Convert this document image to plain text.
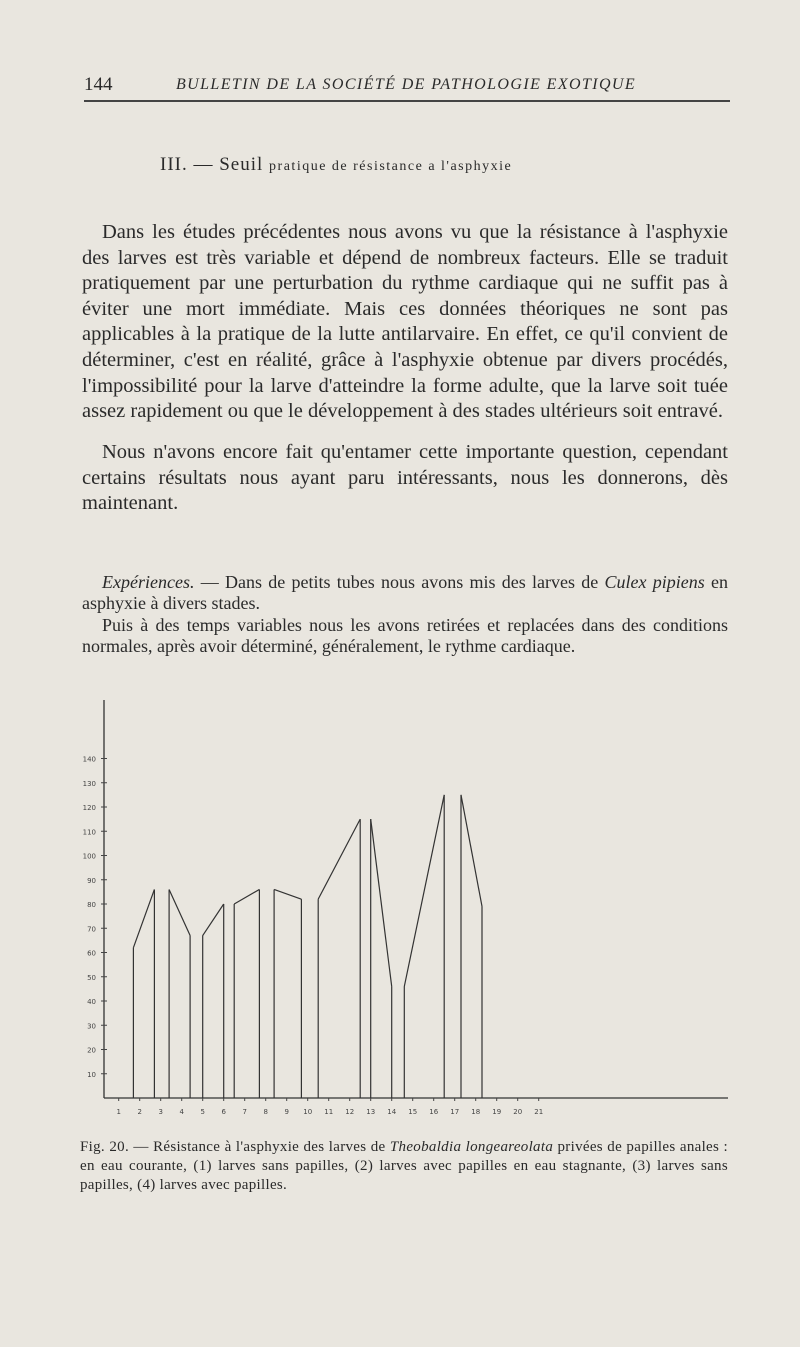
144	BULLETIN DE LA SOCIÉTÉ DE PATHOLOGIE EXOTIQUE
III. — Seuil pratique de résistance a l'asphyxie
Dans les études précédentes nous avons vu que la résistance à l'asphyxie des larves est très variable et dépend de nombreux facteurs. Elle se traduit pratiquement par une perturbation du rythme cardiaque qui ne suffit pas à éviter une mort immédiate. Mais ces données théoriques ne sont pas applicables à la pratique de la lutte antilarvaire. En effet, ce qu'il convient de déterminer, c'est en réalité, grâce à l'asphyxie obtenue par divers procédés, l'impossibilité pour la larve d'atteindre la forme adulte, que la larve soit tuée assez rapidement ou que le développement à des stades ultérieurs soit entravé.
Nous n'avons encore fait qu'entamer cette importante question, cependant certains résultats nous ayant paru intéressants, nous les donnerons, dès maintenant.
Expériences. — Dans de petits tubes nous avons mis des larves de Culex pipiens en asphyxie à divers stades.
Puis à des temps variables nous les avons retirées et replacées dans des conditions normales, après avoir déterminé, généralement, le rythme cardiaque.
10
20
30
40
50
60
70
80
90
100
110
120
130
140
1 2 3 4 5 6 7 8 9 10 11 12 13 14 15 16 17 18 19 20 21
Fig. 20. — Résistance à l'asphyxie des larves de Theobaldia longeareolata privées de papilles anales : en eau courante, (1) larves sans papilles, (2) larves avec papilles en eau stagnante, (3) larves sans papilles, (4) larves avec papilles.
